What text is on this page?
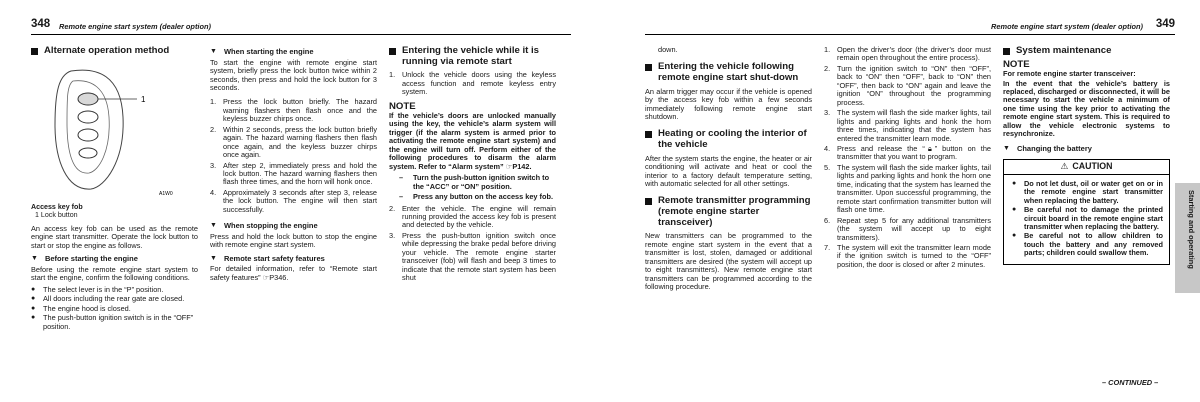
348 Remote engine start system (dealer option)
Alternate operation method
1
A1W0
Access key fob
1 Lock button

An access key fob can be used as the remote engine start transmitter. Operate the lock button to start or stop the engine as follows.

▼ Before starting the engine

Before using the remote engine start system to start the engine, confirm the following conditions.

●	The select lever is in the “P” position.
●	All doors including the rear gate are closed.
●	The engine hood is closed.
●	The push-button ignition switch is in the “OFF” position.
▼ When starting the engine

To start the engine with remote engine start system, briefly press the lock button twice within 2 seconds, then press and hold the lock button for 3 seconds.

1. Press the lock button briefly. The hazard warning flashers then flash once and the keyless buzzer chirps once.
2. Within 2 seconds, press the lock button briefly again. The hazard warning flashers then flash once again, and the keyless buzzer chirps once again.
3. After step 2, immediately press and hold the lock button. The hazard warning flashers then flash three times, and the horn will honk once.
4. Approximately 3 seconds after step 3, release the lock button. The engine will then start successfully.
▼ When stopping the engine

Press and hold the lock button to stop the engine with remote engine start system.

▼ Remote start safety features

For detailed information, refer to “Remote start safety features” ☞P346.

Entering the vehicle while it is running via remote start
1. Unlock the vehicle doors using the keyless access function and remote keyless entry system.
NOTE

If the vehicle’s doors are unlocked manually using the key, the vehicle’s alarm system will trigger (if the alarm system is armed prior to activating the remote engine start system) and the engine will turn off. Perform either of the following procedures to disarm the alarm system. Refer to “Alarm system” ☞P142.

–	Turn the push-button ignition switch to the “ACC” or “ON” position.
–	Press any button on the access key fob.
2. Enter the vehicle. The engine will remain running provided the access key fob is present and detected by the vehicle.
3. Press the push-button ignition switch once while depressing the brake pedal before driving your vehicle. The remote engine starter transceiver (fob) will flash and beep 3 times to indicate that the remote start system has been shut
Remote engine start system (dealer option) 349

down.

Entering the vehicle following remote engine start shut-down

An alarm trigger may occur if the vehicle is opened by the access key fob within a few seconds immediately following remote engine start shutdown.

Heating or cooling the interior of the vehicle

After the system starts the engine, the heater or air conditioning will activate and heat or cool the interior to a factory default temperature setting, with automatic selected for all other settings.

Remote transmitter programming (remote engine starter transceiver)

New transmitters can be programmed to the remote engine start system in the event that a transmitter is lost, stolen, damaged or additional transmitters are desired (the system will accept up to eight transmitters). New remote engine start transmitters can be programmed according to the following procedure.

1. Open the driver’s door (the driver’s door must remain open throughout the entire process).
2. Turn the ignition switch to “ON” then “OFF”, back to “ON” then “OFF”, back to “ON” then “OFF”, then back to “ON” again and leave the ignition “ON” throughout the programming process.
3. The system will flash the side marker lights, tail lights and parking lights and honk the horn three times, indicating that the system has entered the transmitter learn mode.
4. Press and release the “🔒︎” button on the transmitter that you want to program.
5. The system will flash the side marker lights, tail lights and parking lights and honk the horn one time, indicating that the system has learned the transmitter. Upon successful programming, the remote start confirmation transmitter button will flash one time.
6. Repeat step 5 for any additional transmitters (the system will accept up to eight transmitters).
7. The system will exit the transmitter learn mode if the ignition switch is turned to the “OFF” position, the door is closed or after 2 minutes.
System maintenance
NOTE

For remote engine starter transceiver:

In the event that the vehicle’s battery is replaced, discharged or disconnected, it will be necessary to start the vehicle a minimum of one time using the key prior to activating the remote engine start system. This is required to allow the vehicle electronic systems to resynchronize.

▼ Changing the battery
⚠ CAUTION
●	Do not let dust, oil or water get on or in the remote engine start transmitter when replacing the battery.
●	Be careful not to damage the printed circuit board in the remote engine start transmitter when replacing the battery.
●	Be careful not to allow children to touch the battery and any removed parts; children could swallow them.	Starting and operating
– CONTINUED –
